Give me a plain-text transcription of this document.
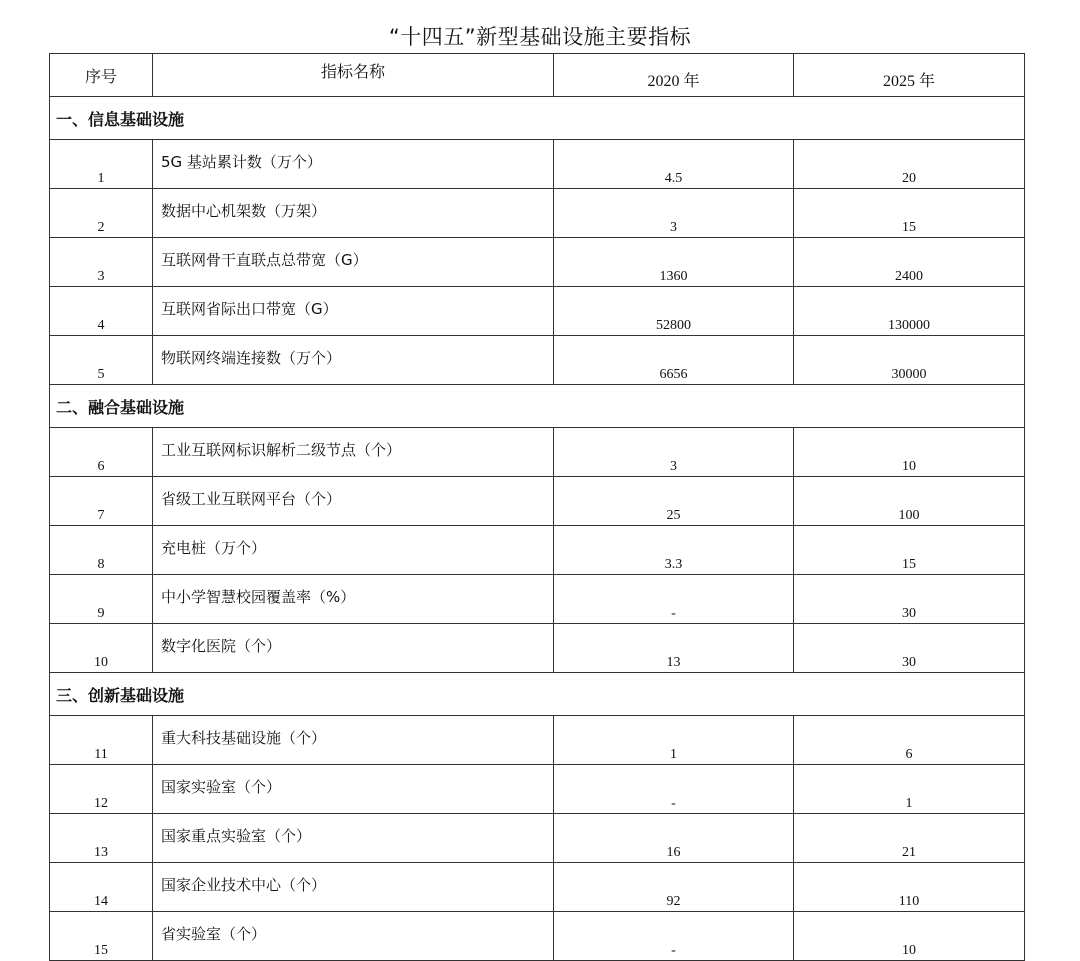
“十四五”新型基础设施主要指标
序号	指标名称	2020 年	2025 年
一、信息基础设施			
1	5G 基站累计数（万个）	4.5	20
2	数据中心机架数（万架）	3	15
3	互联网骨干直联点总带宽（G）	1360	2400
4	互联网省际出口带宽（G）	52800	130000
5	物联网终端连接数（万个）	6656	30000
二、融合基础设施			
6	工业互联网标识解析二级节点（个）	3	10
7	省级工业互联网平台（个）	25	100
8	充电桩（万个）	3.3	15
9	中小学智慧校园覆盖率（%）	-	30
10	数字化医院（个）	13	30
三、创新基础设施			
11	重大科技基础设施（个）	1	6
12	国家实验室（个）	-	1
13	国家重点实验室（个）	16	21
14	国家企业技术中心（个）	92	110
15	省实验室（个）	-	10
